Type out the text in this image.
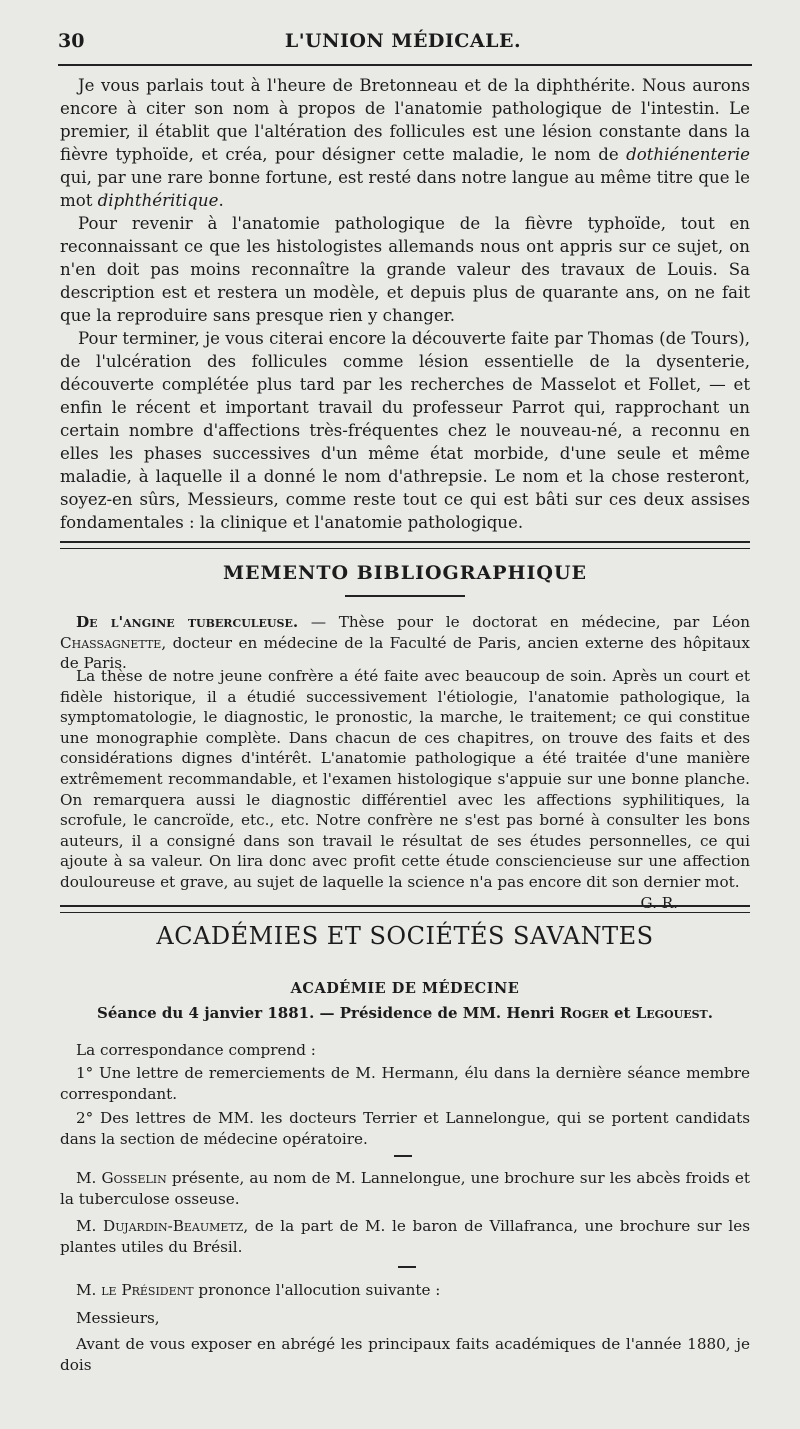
30	L'UNION MÉDICALE.

Je vous parlais tout à l'heure de Bretonneau et de la diphthérite. Nous aurons encore à citer son nom à propos de l'anatomie pathologique de l'intestin. Le premier, il établit que l'altération des follicules est une lésion constante dans la fièvre typhoïde, et créa, pour désigner cette maladie, le nom de dothiénenterie qui, par une rare bonne fortune, est resté dans notre langue au même titre que le mot diphthéritique.

Pour revenir à l'anatomie pathologique de la fièvre typhoïde, tout en reconnaissant ce que les histologistes allemands nous ont appris sur ce sujet, on n'en doit pas moins reconnaître la grande valeur des travaux de Louis. Sa description est et restera un modèle, et depuis plus de quarante ans, on ne fait que la reproduire sans presque rien y changer.

Pour terminer, je vous citerai encore la découverte faite par Thomas (de Tours), de l'ulcération des follicules comme lésion essentielle de la dysenterie, découverte complétée plus tard par les recherches de Masselot et Follet, — et enfin le récent et important travail du professeur Parrot qui, rapprochant un certain nombre d'affections très-fréquentes chez le nouveau-né, a reconnu en elles les phases successives d'un même état morbide, d'une seule et même maladie, à laquelle il a donné le nom d'athrepsie. Le nom et la chose resteront, soyez-en sûrs, Messieurs, comme reste tout ce qui est bâti sur ces deux assises fondamentales : la clinique et l'anatomie pathologique.

MEMENTO BIBLIOGRAPHIQUE

De l'angine tuberculeuse. — Thèse pour le doctorat en médecine, par Léon Chassagnette, docteur en médecine de la Faculté de Paris, ancien externe des hôpitaux de Paris.

La thèse de notre jeune confrère a été faite avec beaucoup de soin. Après un court et fidèle historique, il a étudié successivement l'étiologie, l'anatomie pathologique, la symptomatologie, le diagnostic, le pronostic, la marche, le traitement; ce qui constitue une monographie complète. Dans chacun de ces chapitres, on trouve des faits et des considérations dignes d'intérêt. L'anatomie pathologique a été traitée d'une manière extrêmement recommandable, et l'examen histologique s'appuie sur une bonne planche. On remarquera aussi le diagnostic différentiel avec les affections syphilitiques, la scrofule, le cancroïde, etc., etc. Notre confrère ne s'est pas borné à consulter les bons auteurs, il a consigné dans son travail le résultat de ses études personnelles, ce qui ajoute à sa valeur. On lira donc avec profit cette étude consciencieuse sur une affection douloureuse et grave, au sujet de laquelle la science n'a pas encore dit son dernier mot.
G. R.

ACADÉMIES ET SOCIÉTÉS SAVANTES
ACADÉMIE DE MÉDECINE
Séance du 4 janvier 1881. — Présidence de MM. Henri Roger et Legouest.

La correspondance comprend :

1° Une lettre de remerciements de M. Hermann, élu dans la dernière séance membre correspondant.

2° Des lettres de MM. les docteurs Terrier et Lannelongue, qui se portent candidats dans la section de médecine opératoire.

M. Gosselin présente, au nom de M. Lannelongue, une brochure sur les abcès froids et la tuberculose osseuse.

M. Dujardin-Beaumetz, de la part de M. le baron de Villafranca, une brochure sur les plantes utiles du Brésil.

M. le Président prononce l'allocution suivante :

Messieurs,

Avant de vous exposer en abrégé les principaux faits académiques de l'année 1880, je dois
